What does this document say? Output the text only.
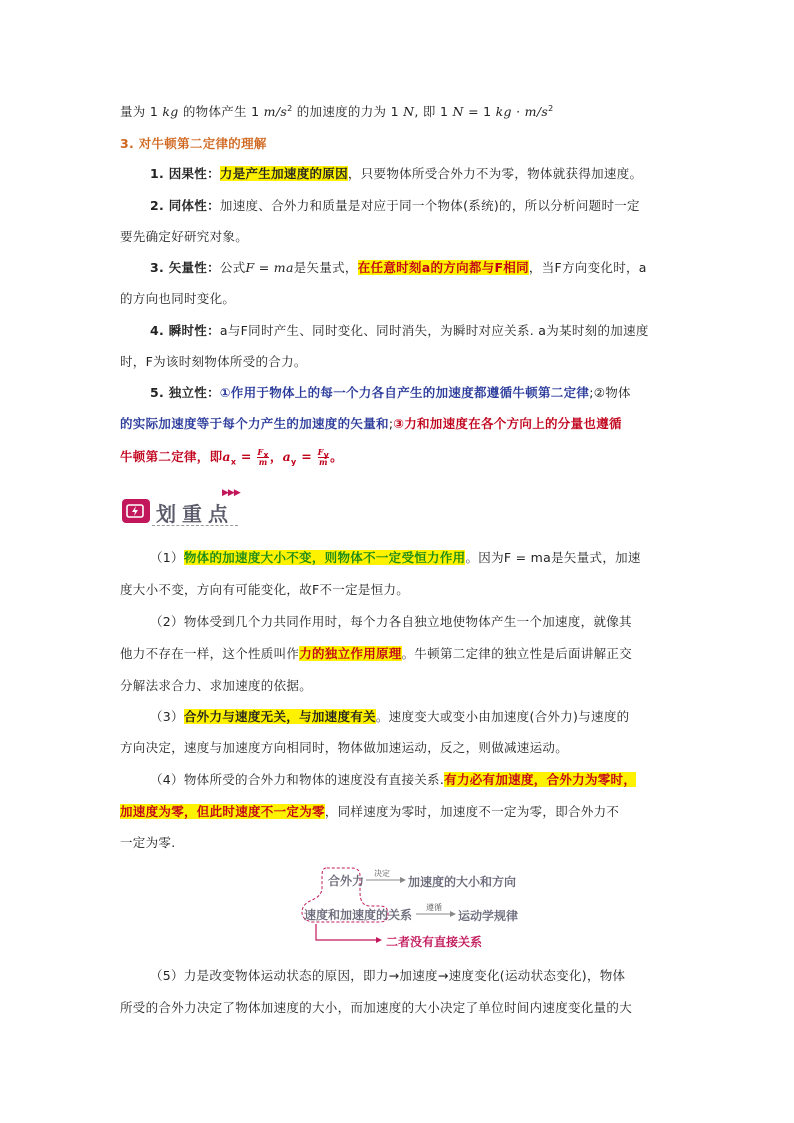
量为 1 kg 的物体产生 1 $m/s^2$ 的加速度的力为 1 N, 即 1 N = 1 kg · $m/s^2$
3. 对牛顿第二定律的理解
1. 因果性：力是产生加速度的原因，只要物体所受合外力不为零，物体就获得加速度。
2. 同体性：加速度、合外力和质量是对应于同一个物体(系统)的，所以分析问题时一定
要先确定好研究对象。
3. 矢量性：公式F = ma是矢量式，在任意时刻a的方向都与F相同，当F方向变化时，a
的方向也同时变化。
4. 瞬时性：a与F同时产生、同时变化、同时消失，为瞬时对应关系. a为某时刻的加速度
时，F为该时刻物体所受的合力。
5. 独立性：①作用于物体上的每一个力各自产生的加速度都遵循牛顿第二定律;②物体
的实际加速度等于每个力产生的加速度的矢量和;③力和加速度在各个方向上的分量也遵循
牛顿第二定律，即$a_x = \frac{F_x}{m}$ ，$a_y = \frac{F_y}{m}$ 。
划重点
▶▶▶
（1）物体的加速度大小不变，则物体不一定受恒力作用。因为F = ma是矢量式，加速
度大小不变，方向有可能变化，故F不一定是恒力。
（2）物体受到几个力共同作用时，每个力各自独立地使物体产生一个加速度，就像其
他力不存在一样，这个性质叫作力的独立作用原理。牛顿第二定律的独立性是后面讲解正交
分解法求合力、求加速度的依据。
（3）合外力与速度无关，与加速度有关。速度变大或变小由加速度(合外力)与速度的
方向决定，速度与加速度方向相同时，物体做加速运动，反之，则做减速运动。
（4）物体所受的合外力和物体的速度没有直接关系.有力必有加速度，合外力为零时，
加速度为零，但此时速度不一定为零，同样速度为零时，加速度不一定为零，即合外力不
一定为零.
合外力
决定
加速度的大小和方向
速度和加速度的关系
遵循
运动学规律
二者没有直接关系
（5）力是改变物体运动状态的原因，即力→加速度→速度变化(运动状态变化)，物体
所受的合外力决定了物体加速度的大小，而加速度的大小决定了单位时间内速度变化量的大
